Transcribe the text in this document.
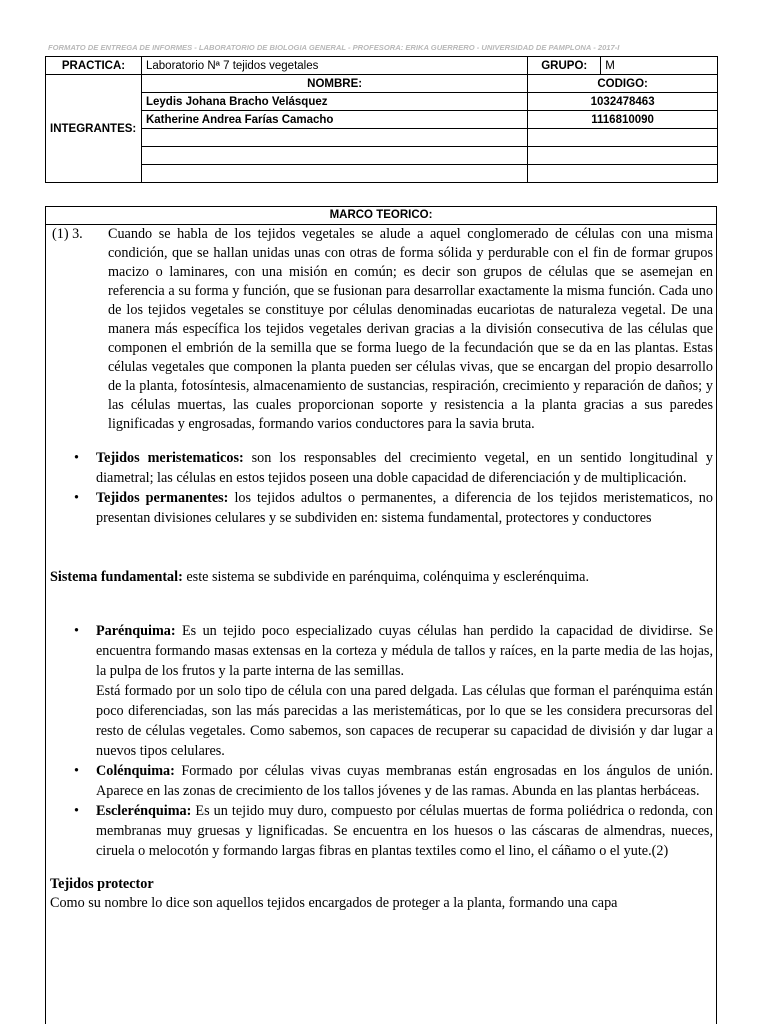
FORMATO DE ENTREGA DE INFORMES - LABORATORIO DE BIOLOGIA GENERAL - PROFESORA: ERIKA GUERRERO - UNIVERSIDAD DE PAMPLONA - 2017-I
PRACTICA:	Laboratorio Nª 7 tejidos vegetales	GRUPO:	M
INTEGRANTES:	NOMBRE:	CODIGO:	
	Leydis Johana Bracho Velásquez	1032478463	
	Katherine Andrea Farías Camacho	1116810090	

MARCO TEORICO:
(1) 3.	Cuando se habla de los tejidos vegetales se alude a aquel conglomerado de células con una misma condición, que se hallan unidas unas con otras de forma sólida y perdurable con el fin de formar grupos macizo o laminares, con una misión en común; es decir son grupos de células que se asemejan en referencia a su forma y función, que se fusionan para desarrollar exactamente la misma función. Cada uno de los tejidos vegetales se constituye por células denominadas eucariotas de naturaleza vegetal. De una manera más específica los tejidos vegetales derivan gracias a la división consecutiva de las células que componen el embrión de la semilla que se forma luego de la fecundación que se da en las plantas. Estas células vegetales que componen la planta pueden ser células vivas, que se encargan del propio desarrollo de la planta, fotosíntesis, almacenamiento de sustancias, respiración, crecimiento y reparación de daños; y las células muertas, las cuales proporcionan soporte y resistencia a la planta gracias a sus paredes lignificadas y engrosadas, formando varios conductores para la savia bruta.
• Tejidos meristematicos: son los responsables del crecimiento vegetal, en un sentido longitudinal y diametral; las células en estos tejidos poseen una doble capacidad de diferenciación y de multiplicación.
• Tejidos permanentes: los tejidos adultos o permanentes, a diferencia de los tejidos meristematicos, no presentan divisiones celulares y se subdividen en: sistema fundamental, protectores y conductores

Sistema fundamental: este sistema se subdivide en parénquima, colénquima y esclerénquima.

• Parénquima: Es un tejido poco especializado cuyas células han perdido la capacidad de dividirse. Se encuentra formando masas extensas en la corteza y médula de tallos y raíces, en la parte media de las hojas, la pulpa de los frutos y la parte interna de las semillas.

Está formado por un solo tipo de célula con una pared delgada. Las células que forman el parénquima están poco diferenciadas, son las más parecidas a las meristemáticas, por lo que se les considera precursoras del resto de células vegetales. Como sabemos, son capaces de recuperar su capacidad de división y dar lugar a nuevos tipos celulares.

• Colénquima: Formado por células vivas cuyas membranas están engrosadas en los ángulos de unión. Aparece en las zonas de crecimiento de los tallos jóvenes y de las ramas. Abunda en las plantas herbáceas.
• Esclerénquima: Es un tejido muy duro, compuesto por células muertas de forma poliédrica o redonda, con membranas muy gruesas y lignificadas. Se encuentra en los huesos o las cáscaras de almendras, nueces, ciruela o melocotón y formando largas fibras en plantas textiles como el lino, el cáñamo o el yute.(2)

Tejidos protector

Como su nombre lo dice son aquellos tejidos encargados de proteger a la planta, formando una capa
